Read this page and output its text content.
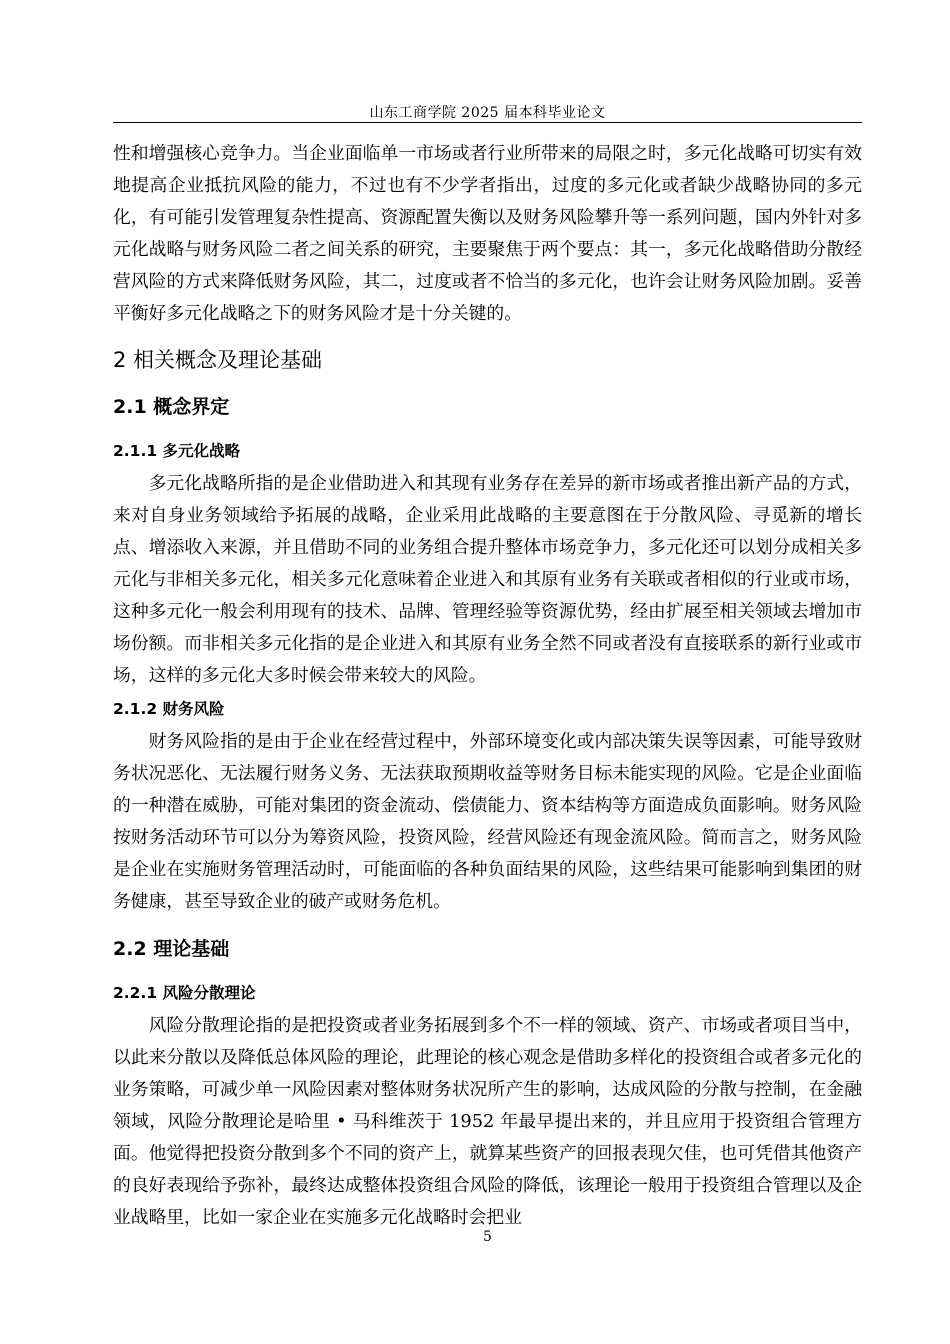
山东工商学院 2025 届本科毕业论文

性和增强核心竞争力。当企业面临单一市场或者行业所带来的局限之时，多元化战略可切实有效地提高企业抵抗风险的能力，不过也有不少学者指出，过度的多元化或者缺少战略协同的多元化，有可能引发管理复杂性提高、资源配置失衡以及财务风险攀升等一系列问题，国内外针对多元化战略与财务风险二者之间关系的研究，主要聚焦于两个要点：其一，多元化战略借助分散经营风险的方式来降低财务风险，其二，过度或者不恰当的多元化，也许会让财务风险加剧。妥善平衡好多元化战略之下的财务风险才是十分关键的。

2 相关概念及理论基础
2.1 概念界定
2.1.1 多元化战略

多元化战略所指的是企业借助进入和其现有业务存在差异的新市场或者推出新产品的方式，来对自身业务领域给予拓展的战略，企业采用此战略的主要意图在于分散风险、寻觅新的增长点、增添收入来源，并且借助不同的业务组合提升整体市场竞争力，多元化还可以划分成相关多元化与非相关多元化，相关多元化意味着企业进入和其原有业务有关联或者相似的行业或市场，这种多元化一般会利用现有的技术、品牌、管理经验等资源优势，经由扩展至相关领域去增加市场份额。而非相关多元化指的是企业进入和其原有业务全然不同或者没有直接联系的新行业或市场，这样的多元化大多时候会带来较大的风险。

2.1.2 财务风险

财务风险指的是由于企业在经营过程中，外部环境变化或内部决策失误等因素，可能导致财务状况恶化、无法履行财务义务、无法获取预期收益等财务目标未能实现的风险。它是企业面临的一种潜在威胁，可能对集团的资金流动、偿债能力、资本结构等方面造成负面影响。财务风险按财务活动环节可以分为筹资风险，投资风险，经营风险还有现金流风险。简而言之，财务风险是企业在实施财务管理活动时，可能面临的各种负面结果的风险，这些结果可能影响到集团的财务健康，甚至导致企业的破产或财务危机。

2.2 理论基础
2.2.1 风险分散理论

风险分散理论指的是把投资或者业务拓展到多个不一样的领域、资产、市场或者项目当中，以此来分散以及降低总体风险的理论，此理论的核心观念是借助多样化的投资组合或者多元化的业务策略，可减少单一风险因素对整体财务状况所产生的影响，达成风险的分散与控制，在金融领域，风险分散理论是哈里 • 马科维茨于 1952 年最早提出来的，并且应用于投资组合管理方面。他觉得把投资分散到多个不同的资产上，就算某些资产的回报表现欠佳，也可凭借其他资产的良好表现给予弥补，最终达成整体投资组合风险的降低，该理论一般用于投资组合管理以及企业战略里，比如一家企业在实施多元化战略时会把业

5
